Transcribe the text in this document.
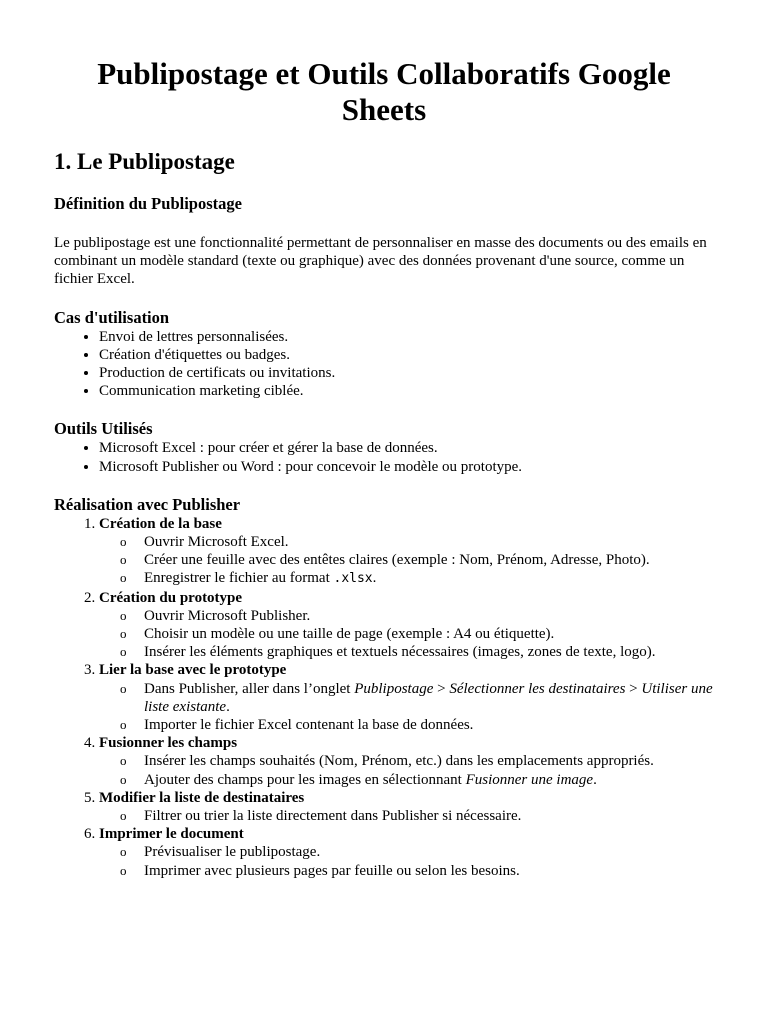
Publipostage et Outils Collaboratifs Google Sheets
1. Le Publipostage
Définition du Publipostage

Le publipostage est une fonctionnalité permettant de personnaliser en masse des documents ou des emails en combinant un modèle standard (texte ou graphique) avec des données provenant d'une source, comme un fichier Excel.

Cas d'utilisation
• Envoi de lettres personnalisées.
• Création d'étiquettes ou badges.
• Production de certificats ou invitations.
• Communication marketing ciblée.
Outils Utilisés
• Microsoft Excel : pour créer et gérer la base de données.
• Microsoft Publisher ou Word : pour concevoir le modèle ou prototype.
Réalisation avec Publisher
1. Création de la base
o Ouvrir Microsoft Excel.
o Créer une feuille avec des entêtes claires (exemple : Nom, Prénom, Adresse, Photo).
o Enregistrer le fichier au format .xlsx.
2. Création du prototype
o Ouvrir Microsoft Publisher.
o Choisir un modèle ou une taille de page (exemple : A4 ou étiquette).
o Insérer les éléments graphiques et textuels nécessaires (images, zones de texte, logo).
3. Lier la base avec le prototype
o Dans Publisher, aller dans l’onglet Publipostage > Sélectionner les destinataires > Utiliser une liste existante.
o Importer le fichier Excel contenant la base de données.
4. Fusionner les champs
o Insérer les champs souhaités (Nom, Prénom, etc.) dans les emplacements appropriés.
o Ajouter des champs pour les images en sélectionnant Fusionner une image.
5. Modifier la liste de destinataires
o Filtrer ou trier la liste directement dans Publisher si nécessaire.
6. Imprimer le document
o Prévisualiser le publipostage.
o Imprimer avec plusieurs pages par feuille ou selon les besoins.
